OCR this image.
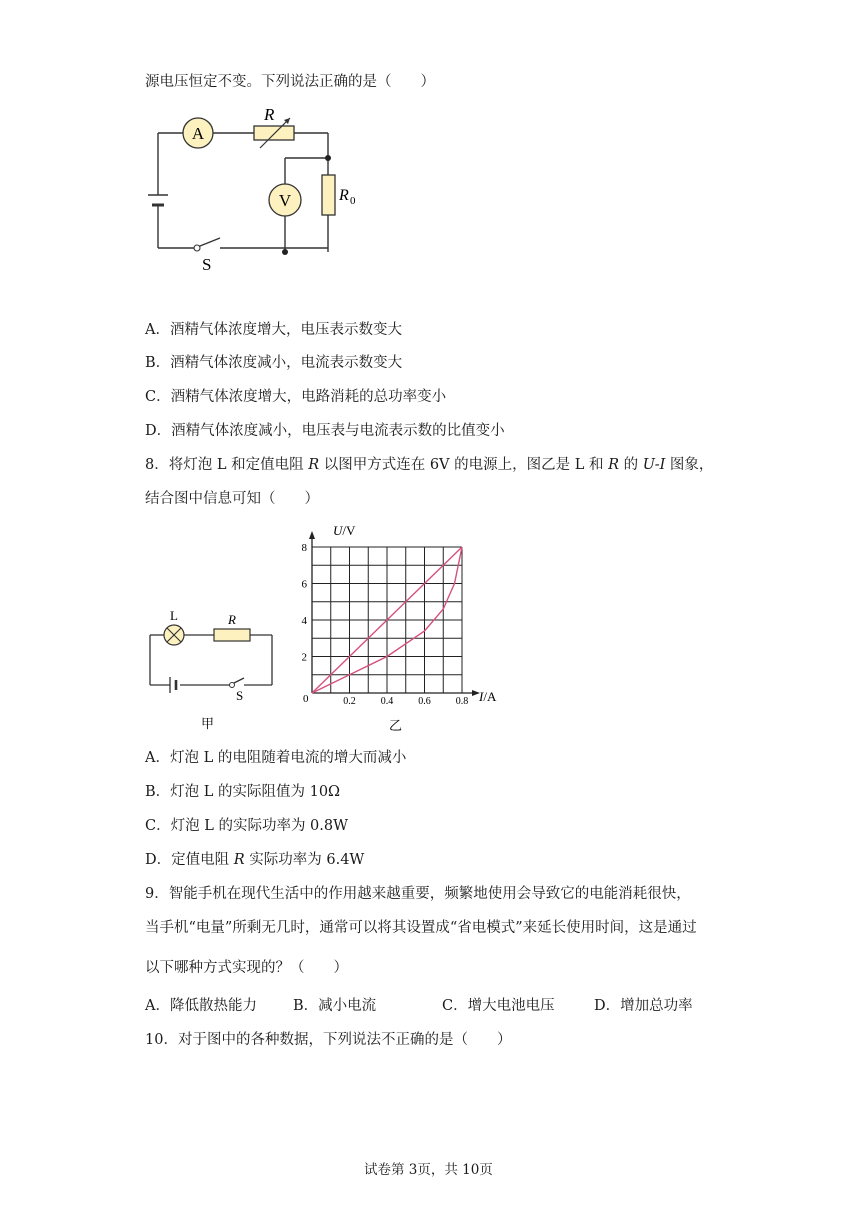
源电压恒定不变。下列说法正确的是（　　）
A
R
V	R 0
S
A．酒精气体浓度增大，电压表示数变大
B．酒精气体浓度减小，电流表示数变大
C．酒精气体浓度增大，电路消耗的总功率变小
D．酒精气体浓度减小，电压表与电流表示数的比值变小
8．将灯泡 L 和定值电阻 R 以图甲方式连在 6V 的电源上，图乙是 L 和 R 的 U-I 图象，
结合图中信息可知（　　）
L	R
S
甲
0	0.2	0.4	0.6	0.8
2
4
6
8
U/V
I/A
乙
A．灯泡 L 的电阻随着电流的增大而减小
B．灯泡 L 的实际阻值为 10Ω
C．灯泡 L 的实际功率为 0.8W
D．定值电阻 R 实际功率为 6.4W
9．智能手机在现代生活中的作用越来越重要，频繁地使用会导致它的电能消耗很快，
当手机“电量”所剩无几时，通常可以将其设置成“省电模式”来延长使用时间，这是通过
以下哪种方式实现的？（　　）
A．降低散热能力 B．减小电流	C．增大电池电压	D．增加总功率
10．对于图中的各种数据，下列说法不正确的是（　　）
试卷第 3页，共 10页
